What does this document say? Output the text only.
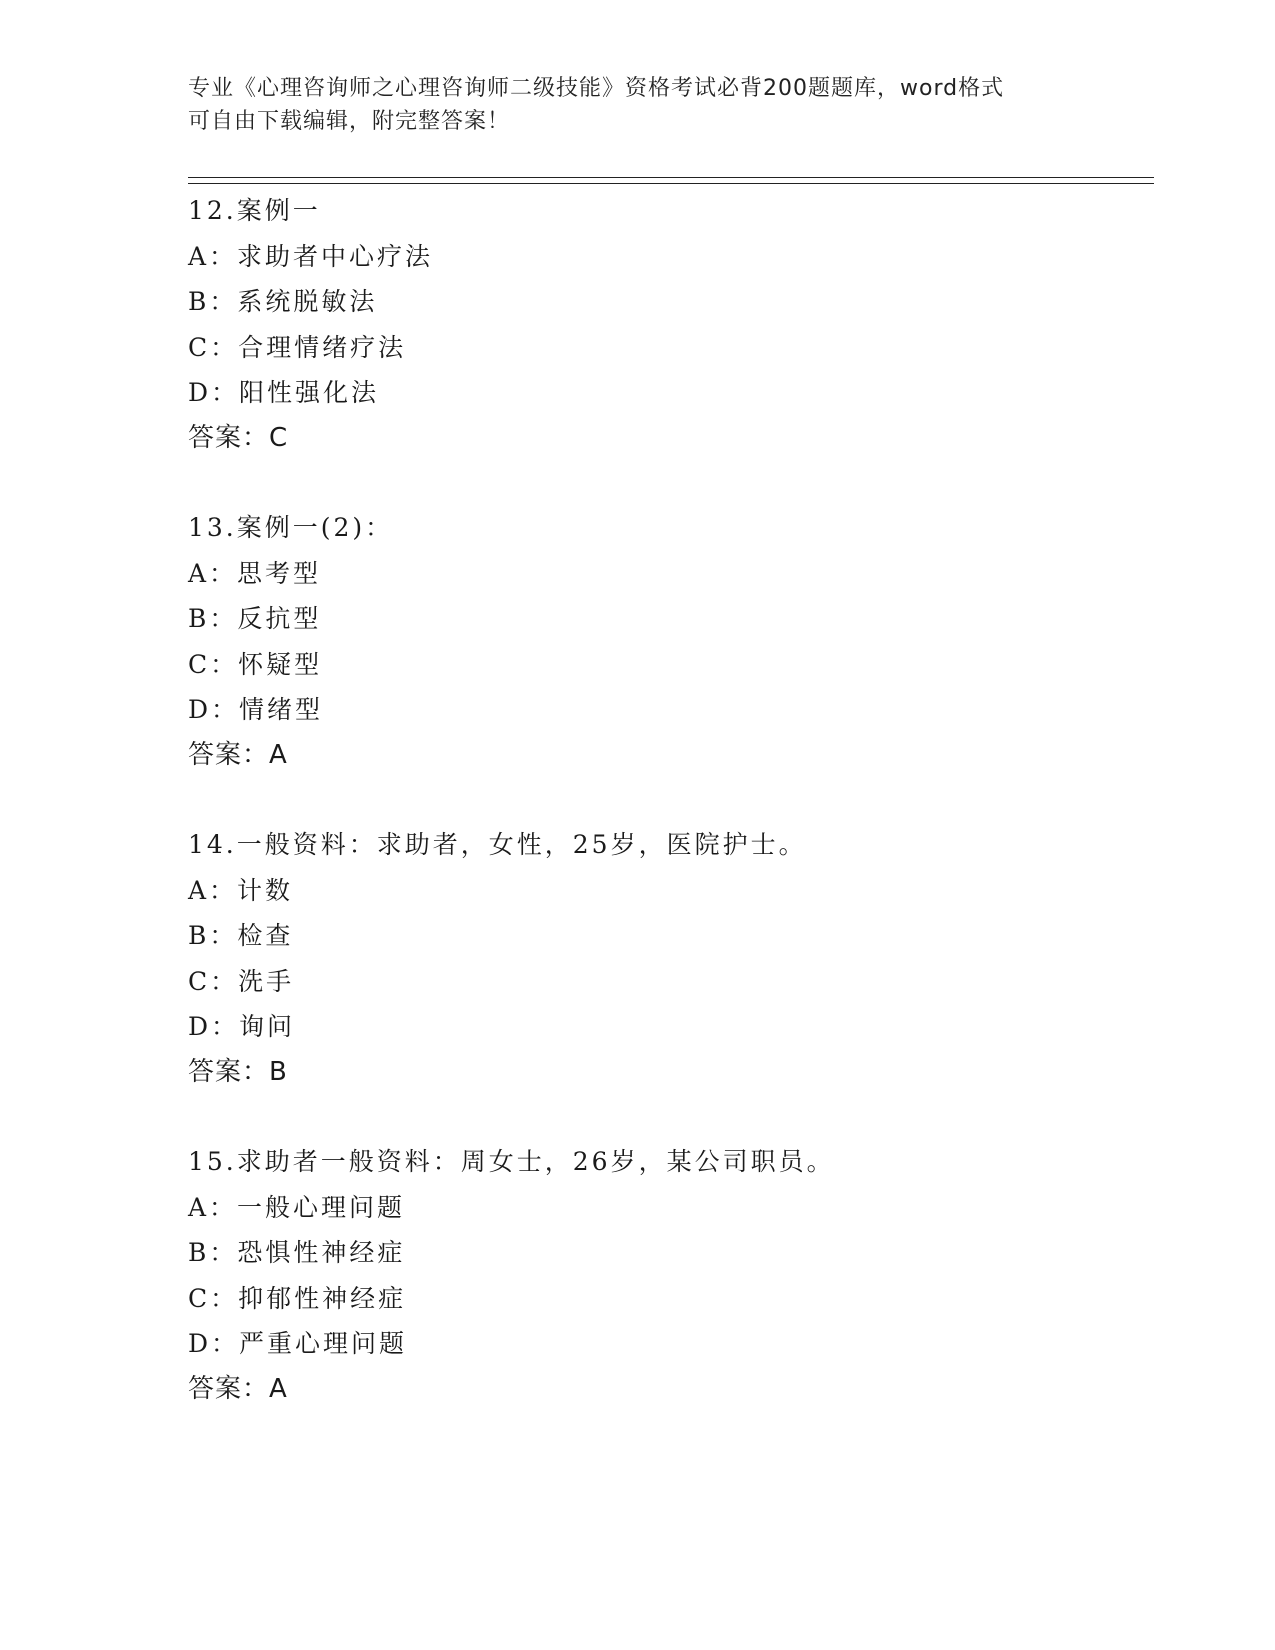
专业《心理咨询师之心理咨询师二级技能》资格考试必背200题题库，word格式
可自由下载编辑，附完整答案！
12.案例一
A：求助者中心疗法
B：系统脱敏法
C：合理情绪疗法
D：阳性强化法
答案：C
13.案例一(2)：
A：思考型
B：反抗型
C：怀疑型
D：情绪型
答案：A
14.一般资料：求助者，女性，25岁，医院护士。
A：计数
B：检查
C：洗手
D：询问
答案：B
15.求助者一般资料：周女士，26岁，某公司职员。
A：一般心理问题
B：恐惧性神经症
C：抑郁性神经症
D：严重心理问题
答案：A
